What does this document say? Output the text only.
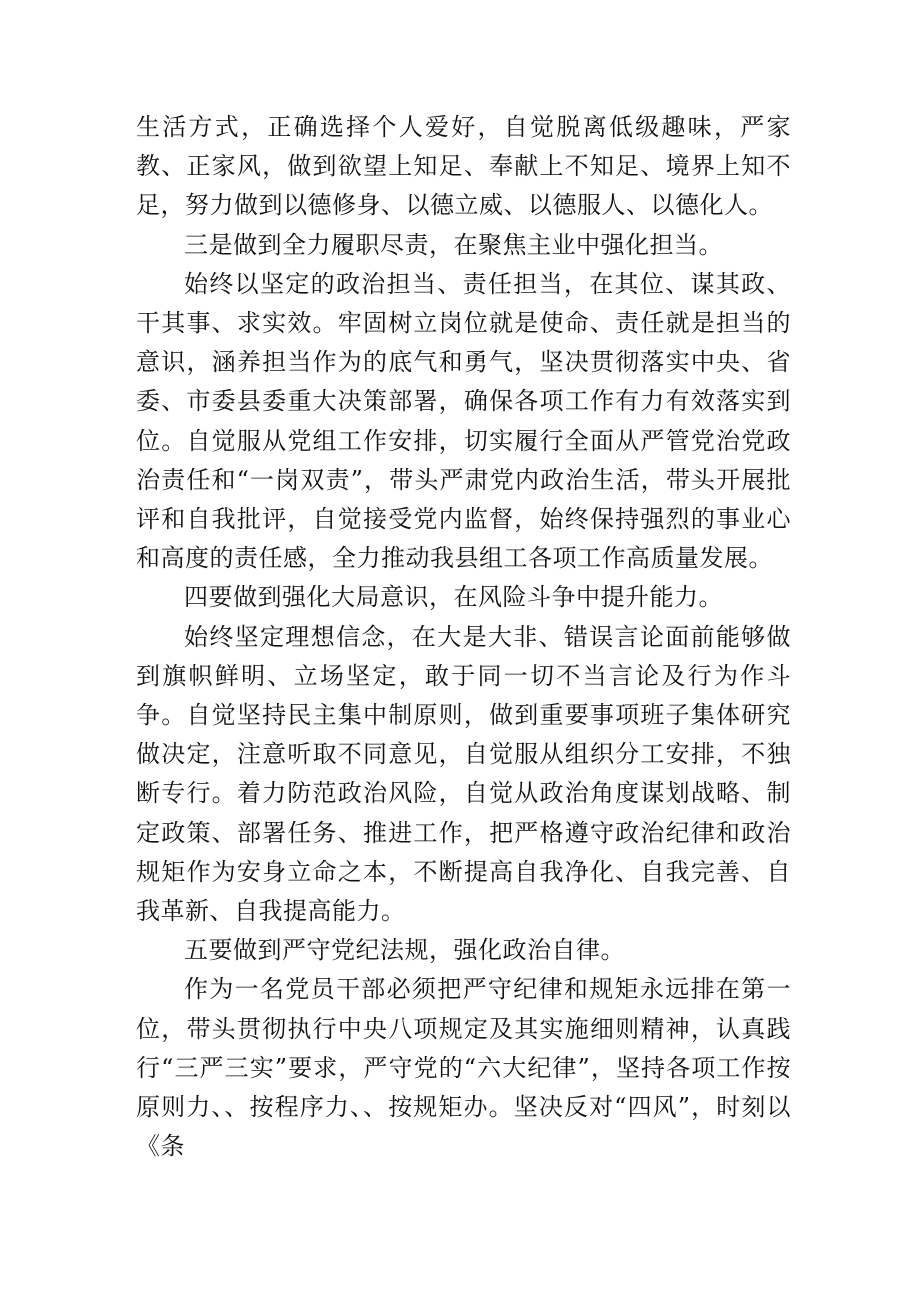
生活方式，正确选择个人爱好，自觉脱离低级趣味，严家教、正家风，做到欲望上知足、奉献上不知足、境界上知不足，努力做到以德修身、以德立威、以德服人、以德化人。

三是做到全力履职尽责，在聚焦主业中强化担当。

始终以坚定的政治担当、责任担当，在其位、谋其政、干其事、求实效。牢固树立岗位就是使命、责任就是担当的意识，涵养担当作为的底气和勇气，坚决贯彻落实中央、省委、市委县委重大决策部署，确保各项工作有力有效落实到位。自觉服从党组工作安排，切实履行全面从严管党治党政治责任和“一岗双责”，带头严肃党内政治生活，带头开展批评和自我批评，自觉接受党内监督，始终保持强烈的事业心和高度的责任感，全力推动我县组工各项工作高质量发展。

四要做到强化大局意识，在风险斗争中提升能力。

始终坚定理想信念，在大是大非、错误言论面前能够做到旗帜鲜明、立场坚定，敢于同一切不当言论及行为作斗争。自觉坚持民主集中制原则，做到重要事项班子集体研究做决定，注意听取不同意见，自觉服从组织分工安排，不独断专行。着力防范政治风险，自觉从政治角度谋划战略、制定政策、部署任务、推进工作，把严格遵守政治纪律和政治规矩作为安身立命之本，不断提高自我净化、自我完善、自我革新、自我提高能力。

五要做到严守党纪法规，强化政治自律。

作为一名党员干部必须把严守纪律和规矩永远排在第一位，带头贯彻执行中央八项规定及其实施细则精神，认真践行“三严三实”要求，严守党的“六大纪律”，坚持各项工作按原则力、、按程序力、、按规矩办。坚决反对“四风”，时刻以《条
